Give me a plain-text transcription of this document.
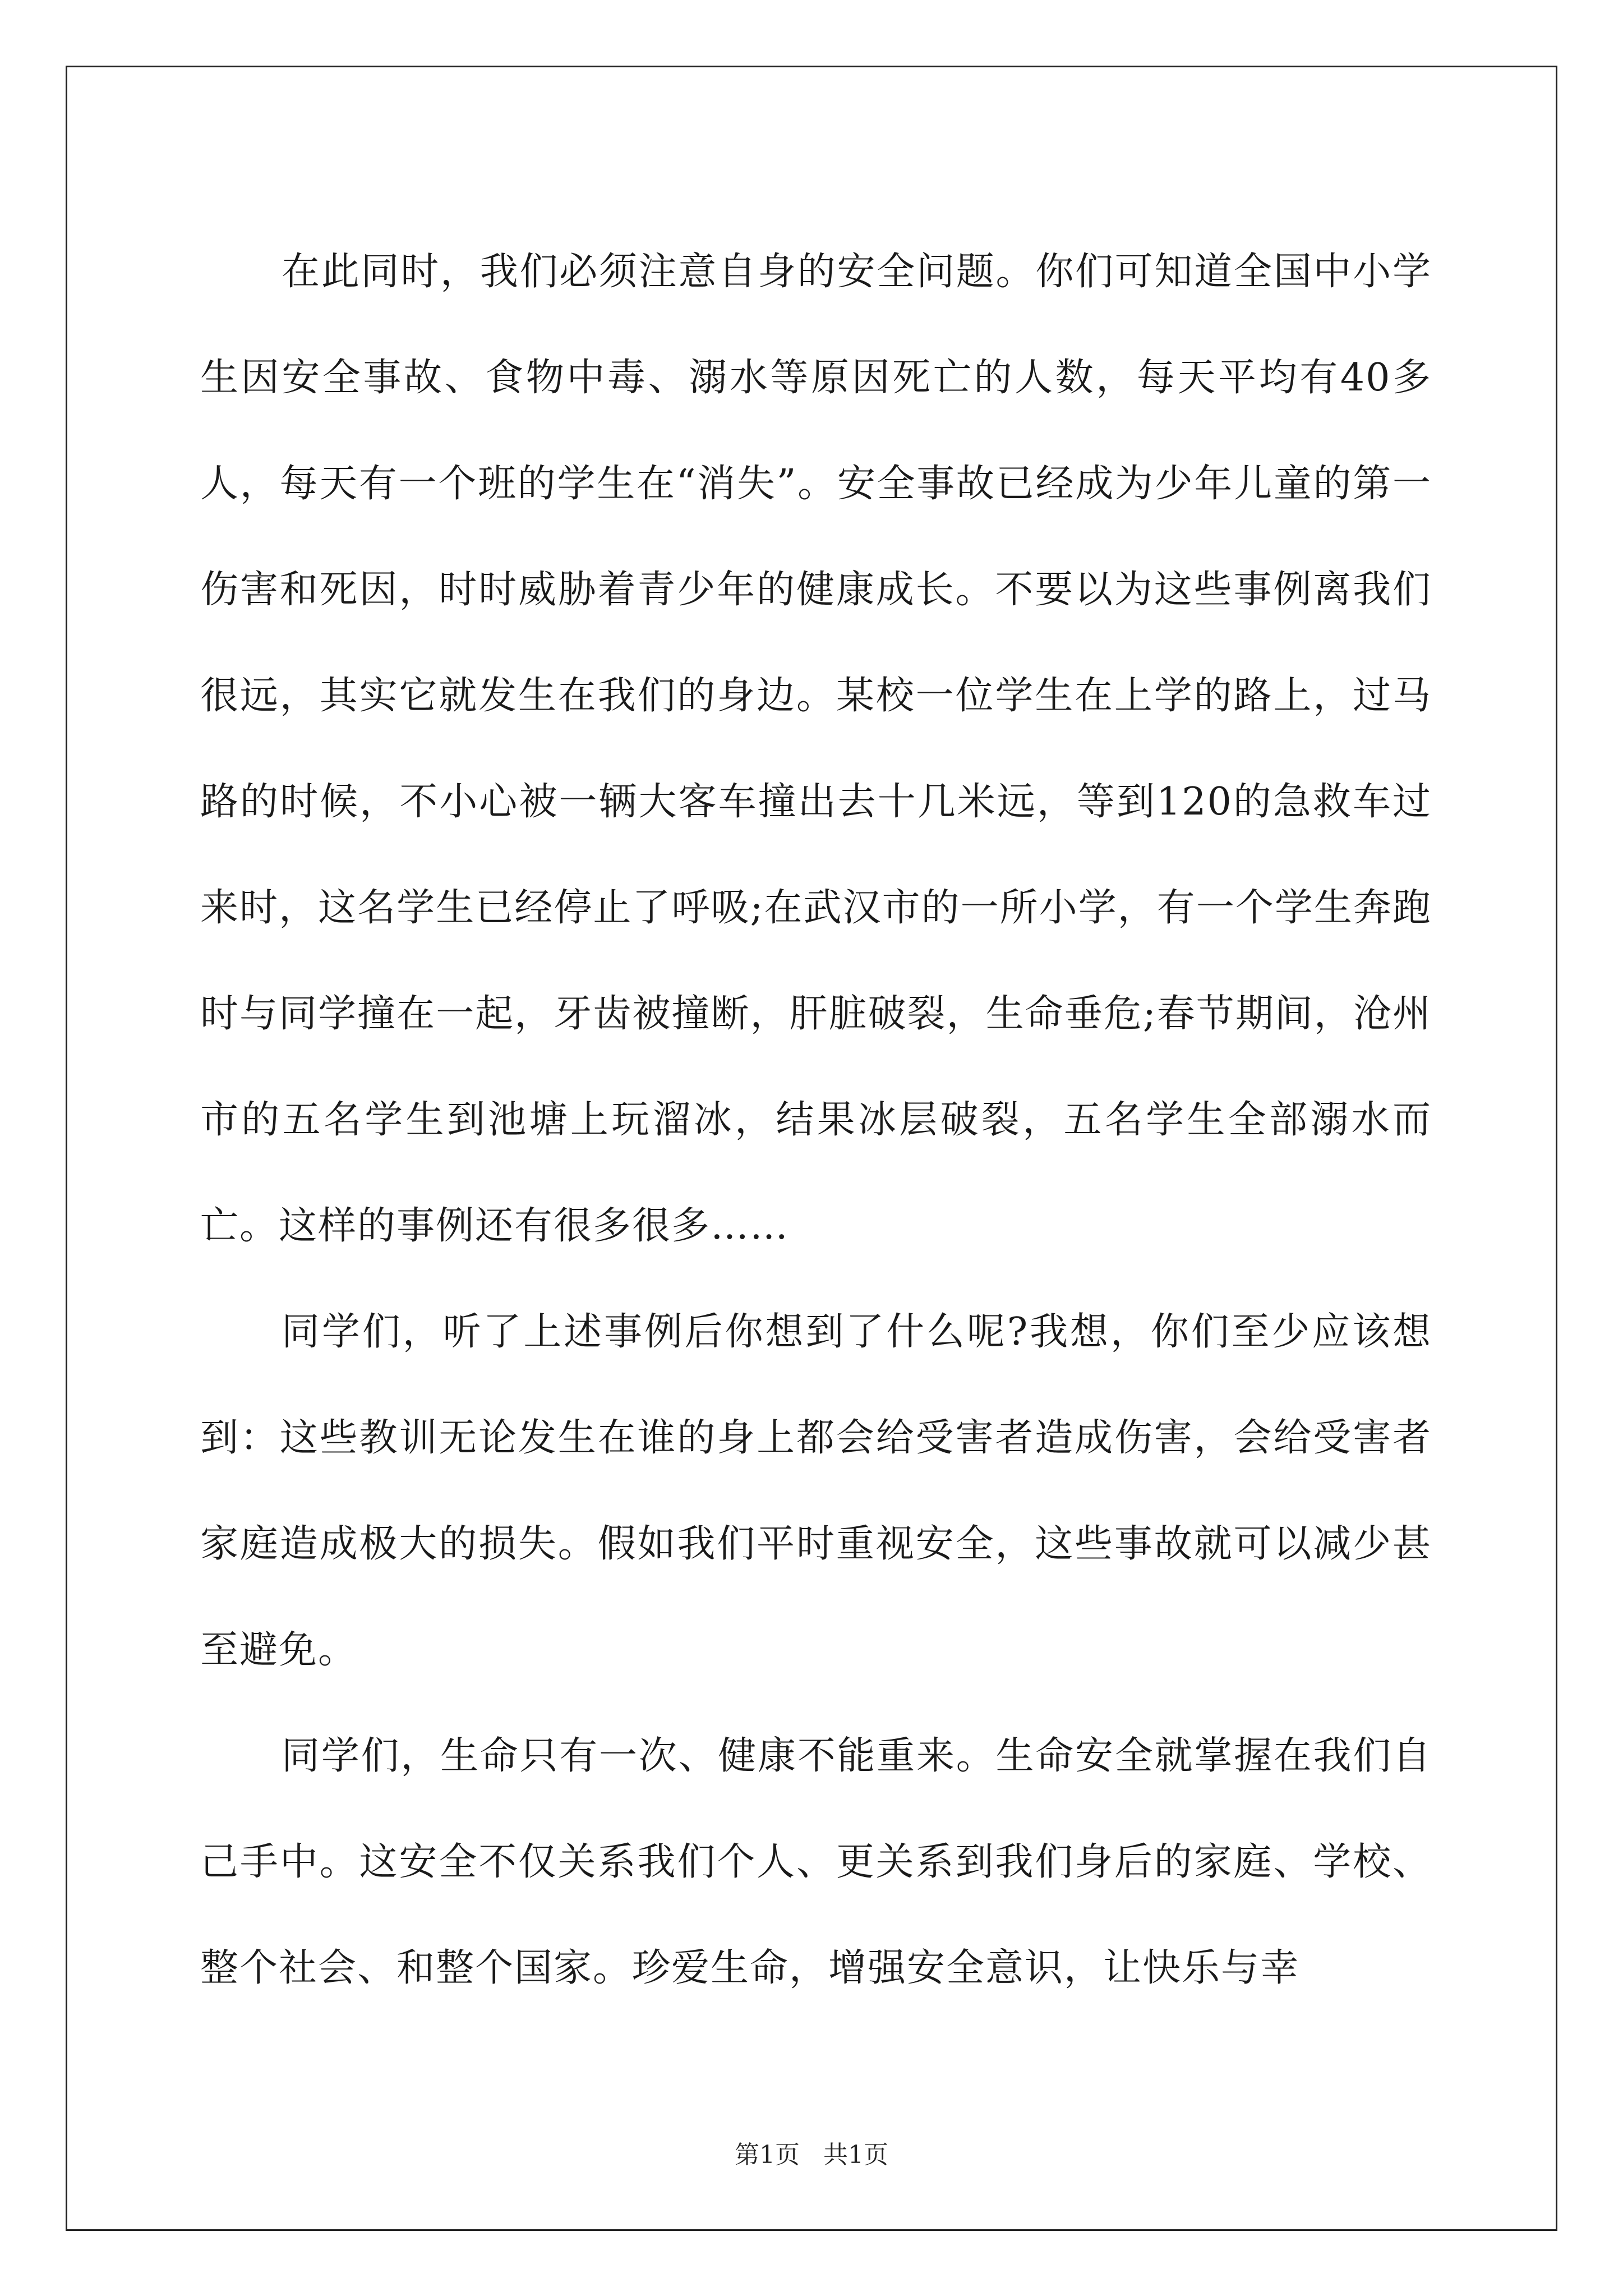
在此同时，我们必须注意自身的安全问题。你们可知道全国中小学生因安全事故、食物中毒、溺水等原因死亡的人数，每天平均有40多人，每天有一个班的学生在“消失”。安全事故已经成为少年儿童的第一伤害和死因，时时威胁着青少年的健康成长。不要以为这些事例离我们很远，其实它就发生在我们的身边。某校一位学生在上学的路上，过马路的时候，不小心被一辆大客车撞出去十几米远，等到120的急救车过来时，这名学生已经停止了呼吸;在武汉市的一所小学，有一个学生奔跑时与同学撞在一起，牙齿被撞断，肝脏破裂，生命垂危;春节期间，沧州市的五名学生到池塘上玩溜冰，结果冰层破裂，五名学生全部溺水而亡。这样的事例还有很多很多……

同学们，听了上述事例后你想到了什么呢?我想，你们至少应该想到：这些教训无论发生在谁的身上都会给受害者造成伤害，会给受害者家庭造成极大的损失。假如我们平时重视安全，这些事故就可以减少甚至避免。

同学们，生命只有一次、健康不能重来。生命安全就掌握在我们自己手中。这安全不仅关系我们个人、更关系到我们身后的家庭、学校、整个社会、和整个国家。珍爱生命，增强安全意识，让快乐与幸

第1页   共1页
